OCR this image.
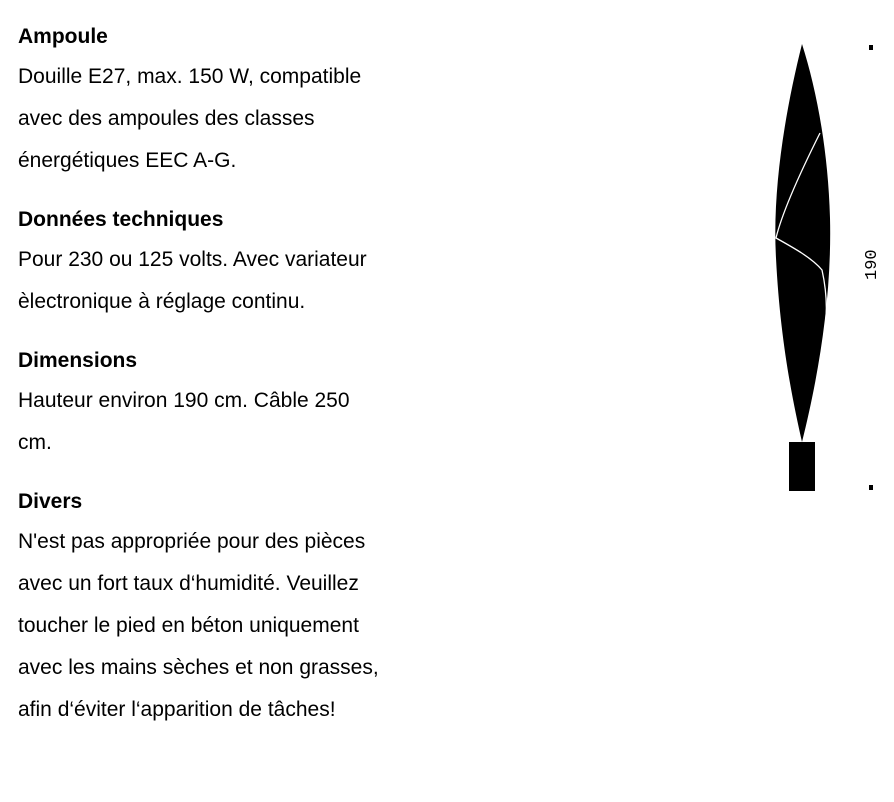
Ampoule

Douille E27, max. 150 W, compatible
avec des ampoules des classes
énergétiques EEC A-G.

Données techniques

Pour 230 ou 125 volts. Avec variateur
èlectronique à réglage continu.

Dimensions

Hauteur environ 190 cm. Câble 250
cm.

Divers

N'est pas appropriée pour des pièces
avec un fort taux d‘humidité. Veuillez
toucher le pied en béton uniquement
avec les mains sèches et non grasses,
afin d‘éviter l‘apparition de tâches!

190
